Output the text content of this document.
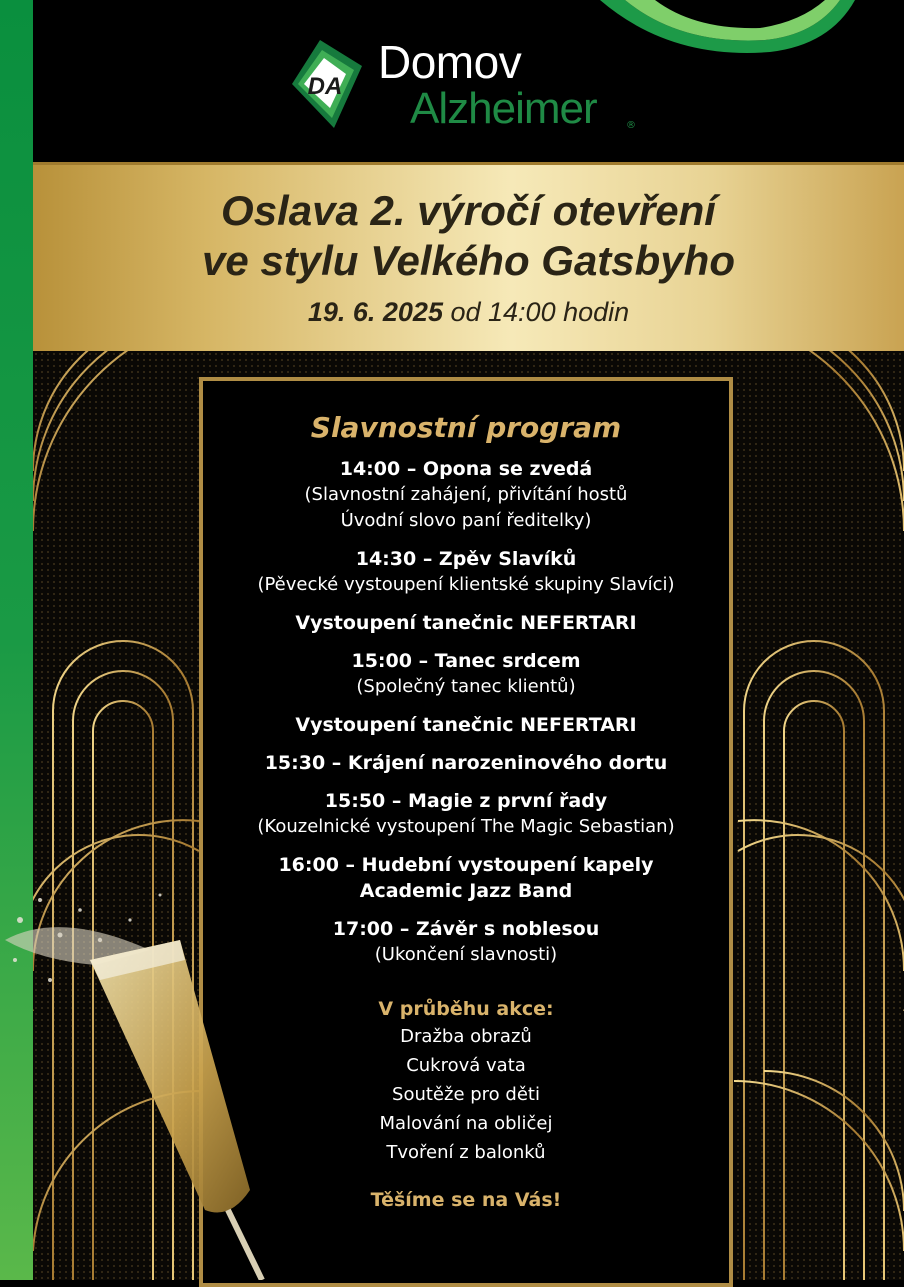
DA Domov
Alzheimer	®
Oslava 2. výročí otevření
ve stylu Velkého Gatsbyho
19. 6. 2025 od 14:00 hodin
Slavnostní program
14:00 – Opona se zvedá
(Slavnostní zahájení, přivítání hostů
Úvodní slovo paní ředitelky)
14:30 – Zpěv Slavíků
(Pěvecké vystoupení klientské skupiny Slavíci)
Vystoupení tanečnic NEFERTARI
15:00 – Tanec srdcem
(Společný tanec klientů)
Vystoupení tanečnic NEFERTARI
15:30 – Krájení narozeninového dortu
15:50 – Magie z první řady
(Kouzelnické vystoupení The Magic Sebastian)
16:00 – Hudební vystoupení kapely
Academic Jazz Band
17:00 – Závěr s noblesou
(Ukončení slavnosti)
V průběhu akce:
Dražba obrazů
Cukrová vata
Soutěže pro děti
Malování na obličej
Tvoření z balonků
Těšíme se na Vás!
